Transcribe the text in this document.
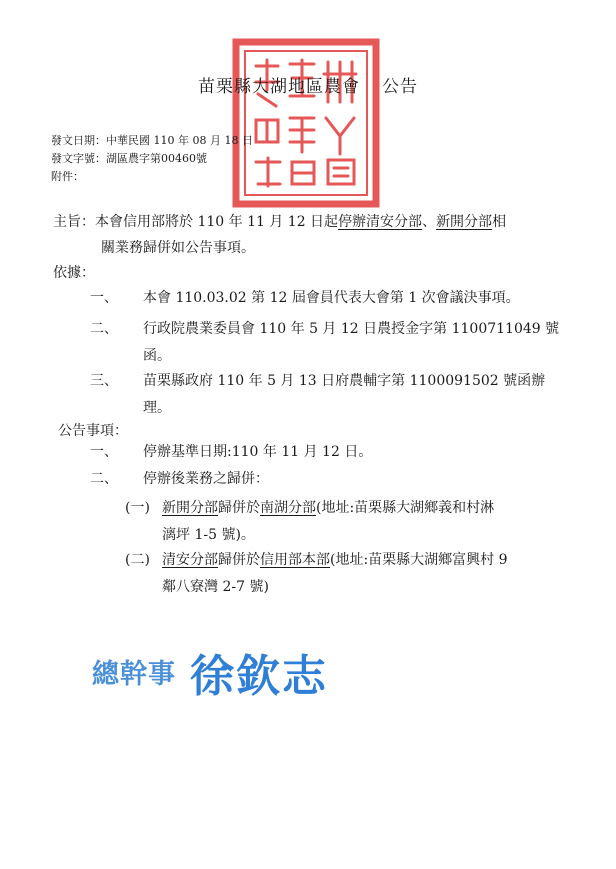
苗栗縣大湖地區農會 公告
發文日期：中華民國 110 年 08 月 18 日
發文字號：湖區農字第00460號
附件：
主旨：本會信用部將於 110 年 11 月 12 日起停辦清安分部、新開分部相
關業務歸併如公告事項。
依據：
一、 本會 110.03.02 第 12 屆會員代表大會第 1 次會議決事項。
二、 行政院農業委員會 110 年 5 月 12 日農授金字第 1100711049 號
函。
三、 苗栗縣政府 110 年 5 月 13 日府農輔字第 1100091502 號函辦
理。
公告事項：
一、 停辦基準日期:110 年 11 月 12 日。
二、 停辦後業務之歸併：
(一) 新開分部歸併於南湖分部(地址:苗栗縣大湖鄉義和村淋
漓坪 1-5 號)。
(二) 清安分部歸併於信用部本部(地址:苗栗縣大湖鄉富興村 9
鄰八寮灣 2-7 號)
總幹事 徐欽志
